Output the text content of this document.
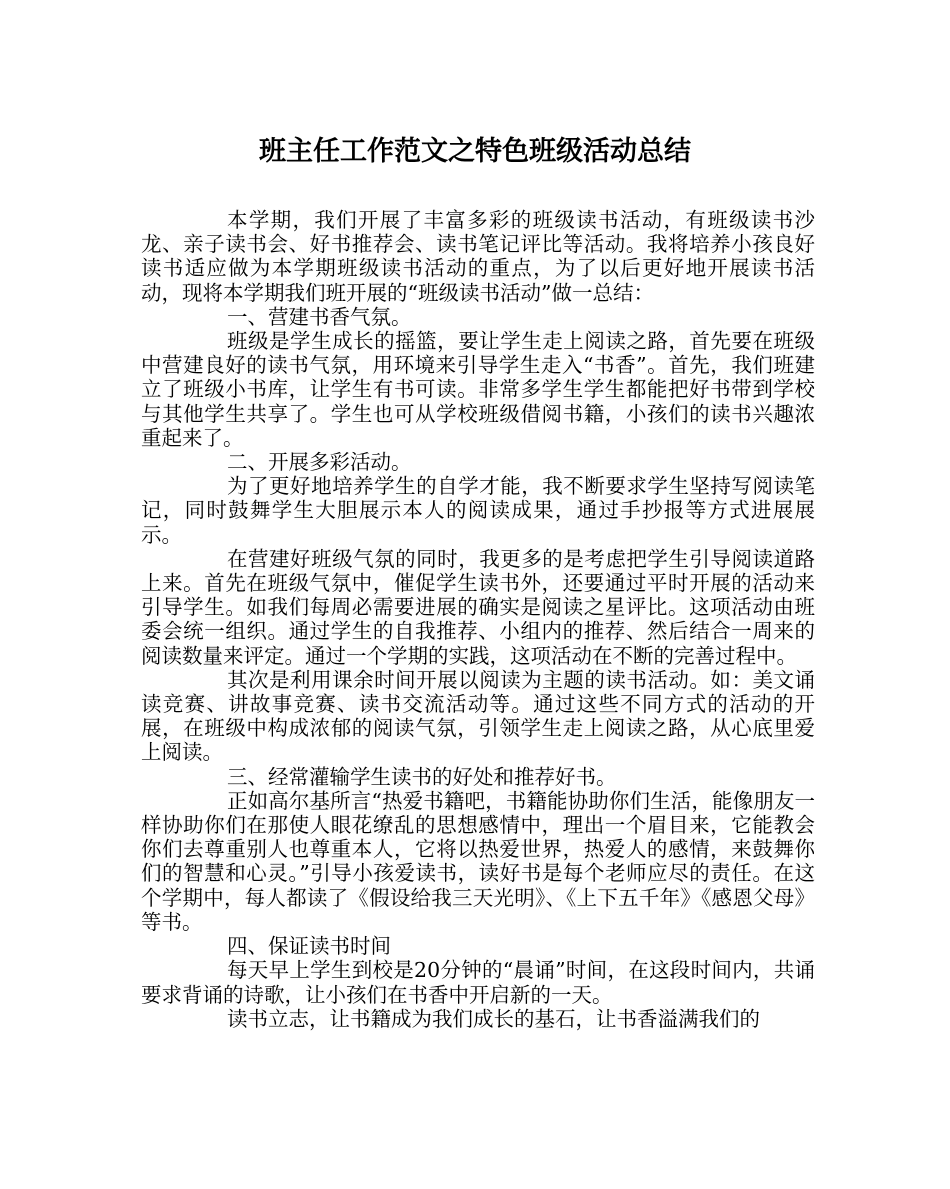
班主任工作范文之特色班级活动总结

本学期，我们开展了丰富多彩的班级读书活动，有班级读书沙龙、亲子读书会、好书推荐会、读书笔记评比等活动。我将培养小孩良好读书适应做为本学期班级读书活动的重点，为了以后更好地开展读书活动，现将本学期我们班开展的“班级读书活动”做一总结：

一、营建书香气氛。

班级是学生成长的摇篮，要让学生走上阅读之路，首先要在班级中营建良好的读书气氛，用环境来引导学生走入“书香”。首先，我们班建立了班级小书库，让学生有书可读。非常多学生学生都能把好书带到学校与其他学生共享了。学生也可从学校班级借阅书籍，小孩们的读书兴趣浓重起来了。

二、开展多彩活动。

为了更好地培养学生的自学才能，我不断要求学生坚持写阅读笔记，同时鼓舞学生大胆展示本人的阅读成果，通过手抄报等方式进展展示。

在营建好班级气氛的同时，我更多的是考虑把学生引导阅读道路上来。首先在班级气氛中，催促学生读书外，还要通过平时开展的活动来引导学生。如我们每周必需要进展的确实是阅读之星评比。这项活动由班委会统一组织。通过学生的自我推荐、小组内的推荐、然后结合一周来的阅读数量来评定。通过一个学期的实践，这项活动在不断的完善过程中。

其次是利用课余时间开展以阅读为主题的读书活动。如：美文诵读竞赛、讲故事竞赛、读书交流活动等。通过这些不同方式的活动的开展，在班级中构成浓郁的阅读气氛，引领学生走上阅读之路，从心底里爱上阅读。

三、经常灌输学生读书的好处和推荐好书。

正如高尔基所言“热爱书籍吧，书籍能协助你们生活，能像朋友一样协助你们在那使人眼花缭乱的思想感情中，理出一个眉目来，它能教会你们去尊重别人也尊重本人，它将以热爱世界，热爱人的感情，来鼓舞你们的智慧和心灵。”引导小孩爱读书，读好书是每个老师应尽的责任。在这个学期中，每人都读了《假设给我三天光明》、《上下五千年》《感恩父母》等书。

四、保证读书时间

每天早上学生到校是20分钟的“晨诵”时间，在这段时间内，共诵要求背诵的诗歌，让小孩们在书香中开启新的一天。

读书立志，让书籍成为我们成长的基石，让书香溢满我们的
